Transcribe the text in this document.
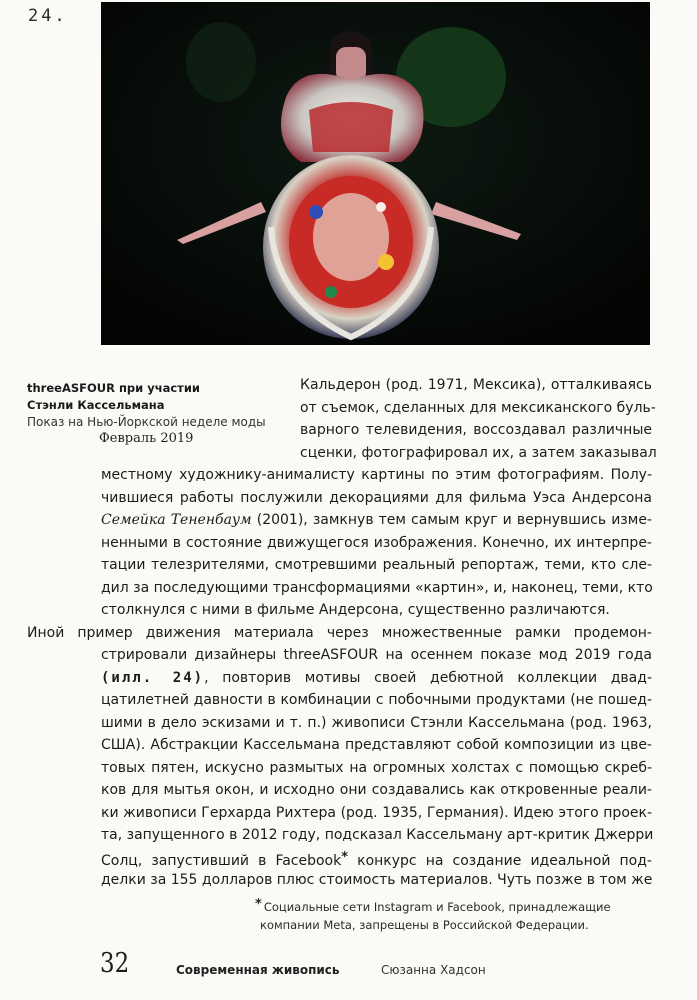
24.
threeASFOUR при участии
Стэнли Кассельмана
Показ на Нью-Йоркской неделе моды
Февраль 2019
Кальдерон (род. 1971, Мексика), отталкиваясь
от съемок, сделанных для мексиканского буль-
варного телевидения, воссоздавал различные
сценки, фотографировал их, а затем заказывал
местному художнику-анималисту картины по этим фотографиям. Полу-
чившиеся работы послужили декорациями для фильма Уэса Андерсона
Семейка Тененбаум (2001), замкнув тем самым круг и вернувшись изме-
ненными в состояние движущегося изображения. Конечно, их интерпре-
тации телезрителями, смотревшими реальный репортаж, теми, кто сле-
дил за последующими трансформациями «картин», и, наконец, теми, кто
столкнулся с ними в фильме Андерсона, существенно различаются.
Иной пример движения материала через множественные рамки продемон-
стрировали дизайнеры threeASFOUR на осеннем показе мод 2019 года
(илл. 24), повторив мотивы своей дебютной коллекции двад-
цатилетней давности в комбинации с побочными продуктами (не пошед-
шими в дело эскизами и т. п.) живописи Стэнли Кассельмана (род. 1963,
США). Абстракции Кассельмана представляют собой композиции из цве-
товых пятен, искусно размытых на огромных холстах с помощью скреб-
ков для мытья окон, и исходно они создавались как откровенные реали-
ки живописи Герхарда Рихтера (род. 1935, Германия). Идею этого проек-
та, запущенного в 2012 году, подсказал Кассельману арт-критик Джерри
Солц, запустивший в Facebook* конкурс на создание идеальной под-
делки за 155 долларов плюс стоимость материалов. Чуть позже в том же
* Социальные сети Instagram и Facebook, принадлежащие
компании Meta, запрещены в Российской Федерации.
32	Современная живопись	Сюзанна Хадсон
